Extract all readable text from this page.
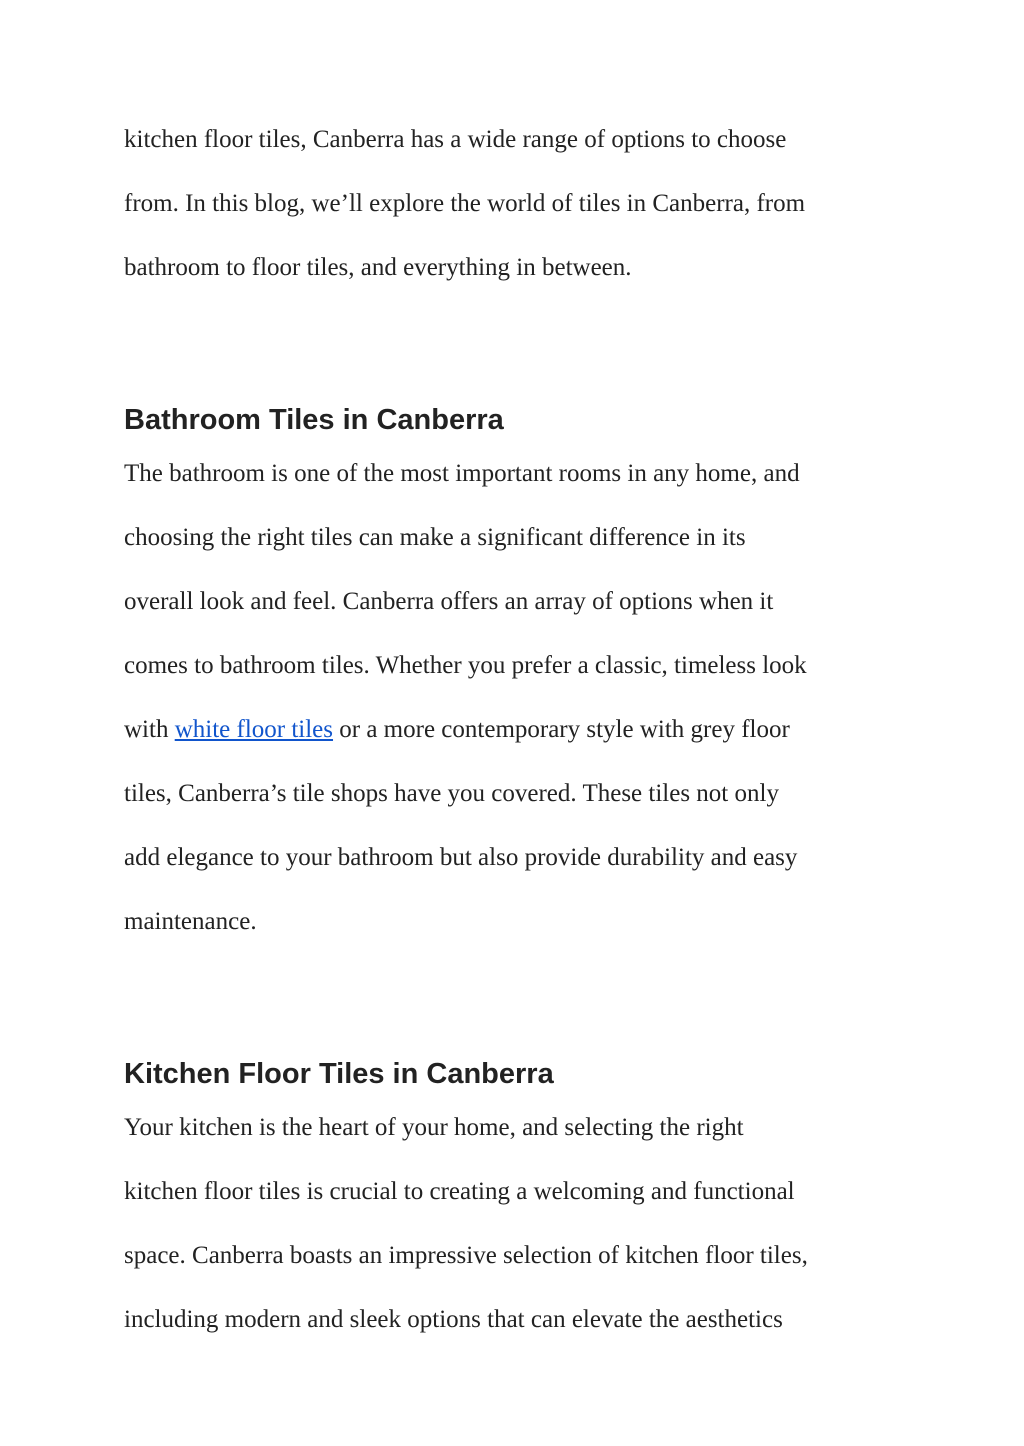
kitchen floor tiles, Canberra has a wide range of options to choose
from. In this blog, we’ll explore the world of tiles in Canberra, from
bathroom to floor tiles, and everything in between.
Bathroom Tiles in Canberra
The bathroom is one of the most important rooms in any home, and
choosing the right tiles can make a significant difference in its
overall look and feel. Canberra offers an array of options when it
comes to bathroom tiles. Whether you prefer a classic, timeless look
with white floor tiles or a more contemporary style with grey floor
tiles, Canberra’s tile shops have you covered. These tiles not only
add elegance to your bathroom but also provide durability and easy
maintenance.
Kitchen Floor Tiles in Canberra
Your kitchen is the heart of your home, and selecting the right
kitchen floor tiles is crucial to creating a welcoming and functional
space. Canberra boasts an impressive selection of kitchen floor tiles,
including modern and sleek options that can elevate the aesthetics
